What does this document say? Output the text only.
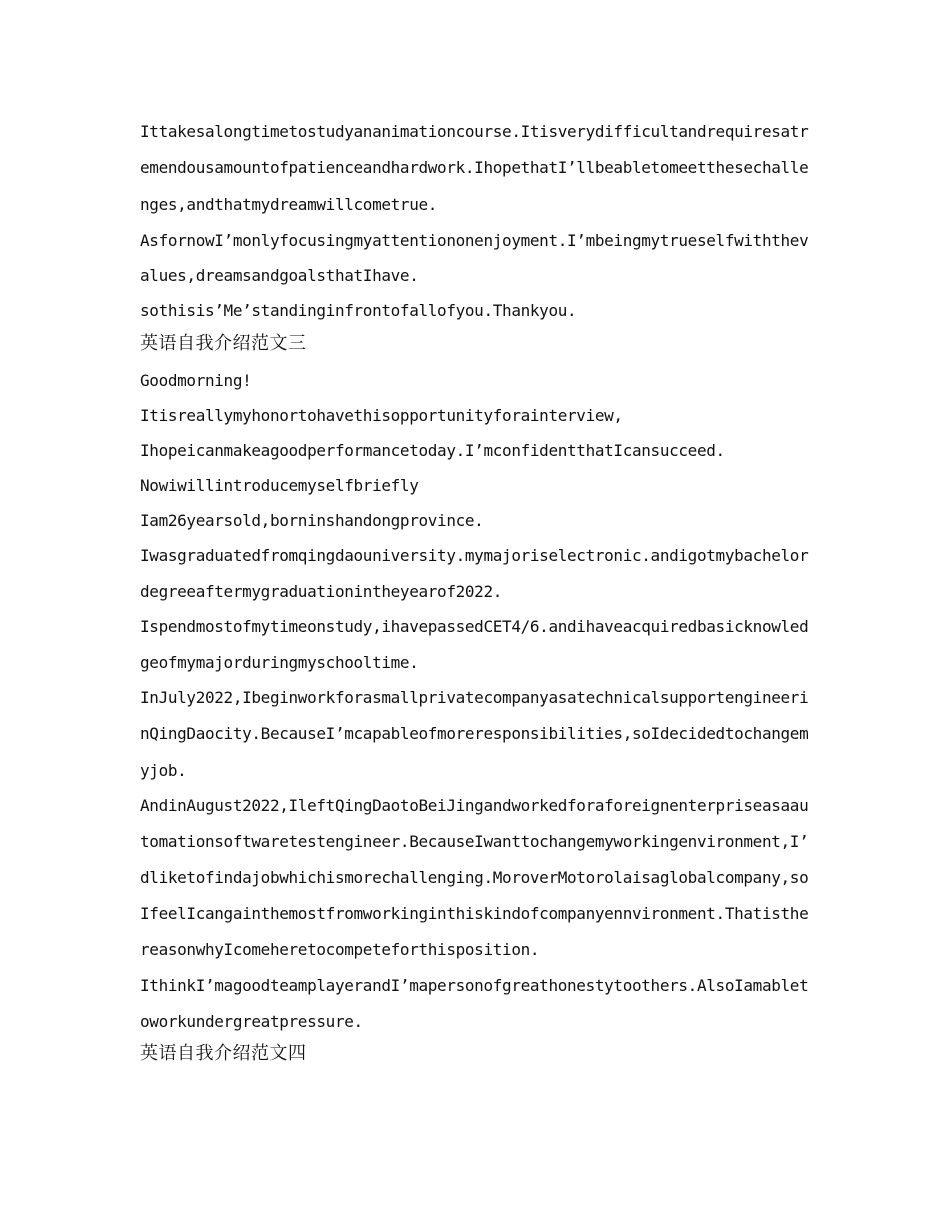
Ittakesalongtimetostudyananimationcourse.Itisverydifficultandrequiresatr
emendousamountofpatienceandhardwork.IhopethatI’llbeabletomeetthesechalle
nges,andthatmydreamwillcometrue.
AsfornowI’monlyfocusingmyattentiononenjoyment.I’mbeingmytrueselfwiththev
alues,dreamsandgoalsthatIhave.
sothisis’Me’standinginfrontofallofyou.Thankyou.
英语自我介绍范文三
Goodmorning!
Itisreallymyhonortohavethisopportunityforainterview,
Ihopeicanmakeagoodperformancetoday.I’mconfidentthatIcansucceed.
Nowiwillintroducemyselfbriefly
Iam26yearsold,borninshandongprovince.
Iwasgraduatedfromqingdaouniversity.mymajoriselectronic.andigotmybachelor
degreeaftermygraduationintheyearof2022.
Ispendmostofmytimeonstudy,ihavepassedCET4/6.andihaveacquiredbasicknowled
geofmymajorduringmyschooltime.
InJuly2022,Ibeginworkforasmallprivatecompanyasatechnicalsupportengineeri
nQingDaocity.BecauseI’mcapableofmoreresponsibilities,soIdecidedtochangem
yjob.
AndinAugust2022,IleftQingDaotoBeiJingandworkedforaforeignenterpriseasaau
tomationsoftwaretestengineer.BecauseIwanttochangemyworkingenvironment,I’
dliketofindajobwhichismorechallenging.MoroverMotorolaisaglobalcompany,so
IfeelIcangainthemostfromworkinginthiskindofcompanyennvironment.Thatisthe
reasonwhyIcomeheretocompeteforthisposition.
IthinkI’magoodteamplayerandI’mapersonofgreathonestytoothers.AlsoIamablet
oworkundergreatpressure.
英语自我介绍范文四
